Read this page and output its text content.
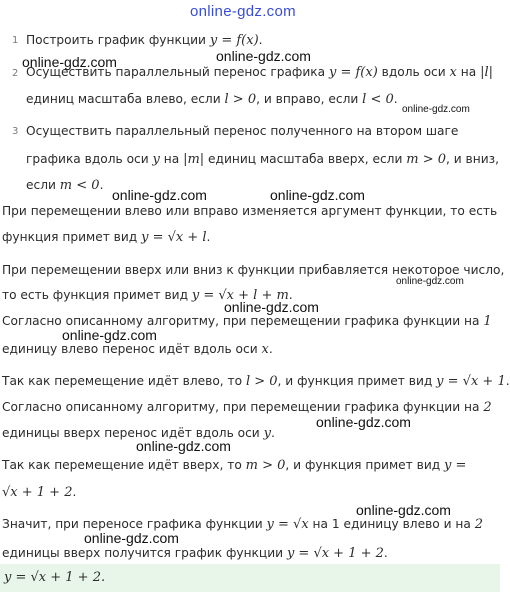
online-gdz.com
1 Построить график функции y = f(x).
online-gdz.com	online-gdz.com
2 Осуществить параллельный перенос графика y = f(x) вдоль оси x на |l|
единиц масштаба влево, если l > 0, и вправо, если l < 0.
online-gdz.com
3 Осуществить параллельный перенос полученного на втором шаге
графика вдоль оси y на |m| единиц масштаба вверх, если m > 0, и вниз,
если m < 0.
online-gdz.com	online-gdz.com
При перемещении влево или вправо изменяется аргумент функции, то есть
функция примет вид y = √x + l.
При перемещении вверх или вниз к функции прибавляется некоторое число,
online-gdz.com
то есть функция примет вид y = √x + l + m.
online-gdz.com
Согласно описанному алгоритму, при перемещении графика функции на 1
online-gdz.com
единицу влево перенос идёт вдоль оси x.
Так как перемещение идёт влево, то l > 0, и функция примет вид y = √x + 1.
Согласно описанному алгоритму, при перемещении графика функции на 2
online-gdz.com
единицы вверх перенос идёт вдоль оси y.
online-gdz.com
Так как перемещение идёт вверх, то m > 0, и функция примет вид y =
√x + 1 + 2.
online-gdz.com
Значит, при переносе графика функции y = √x на 1 единицу влево и на 2
online-gdz.com
единицы вверх получится график функции y = √x + 1 + 2.
y = √x + 1 + 2.
